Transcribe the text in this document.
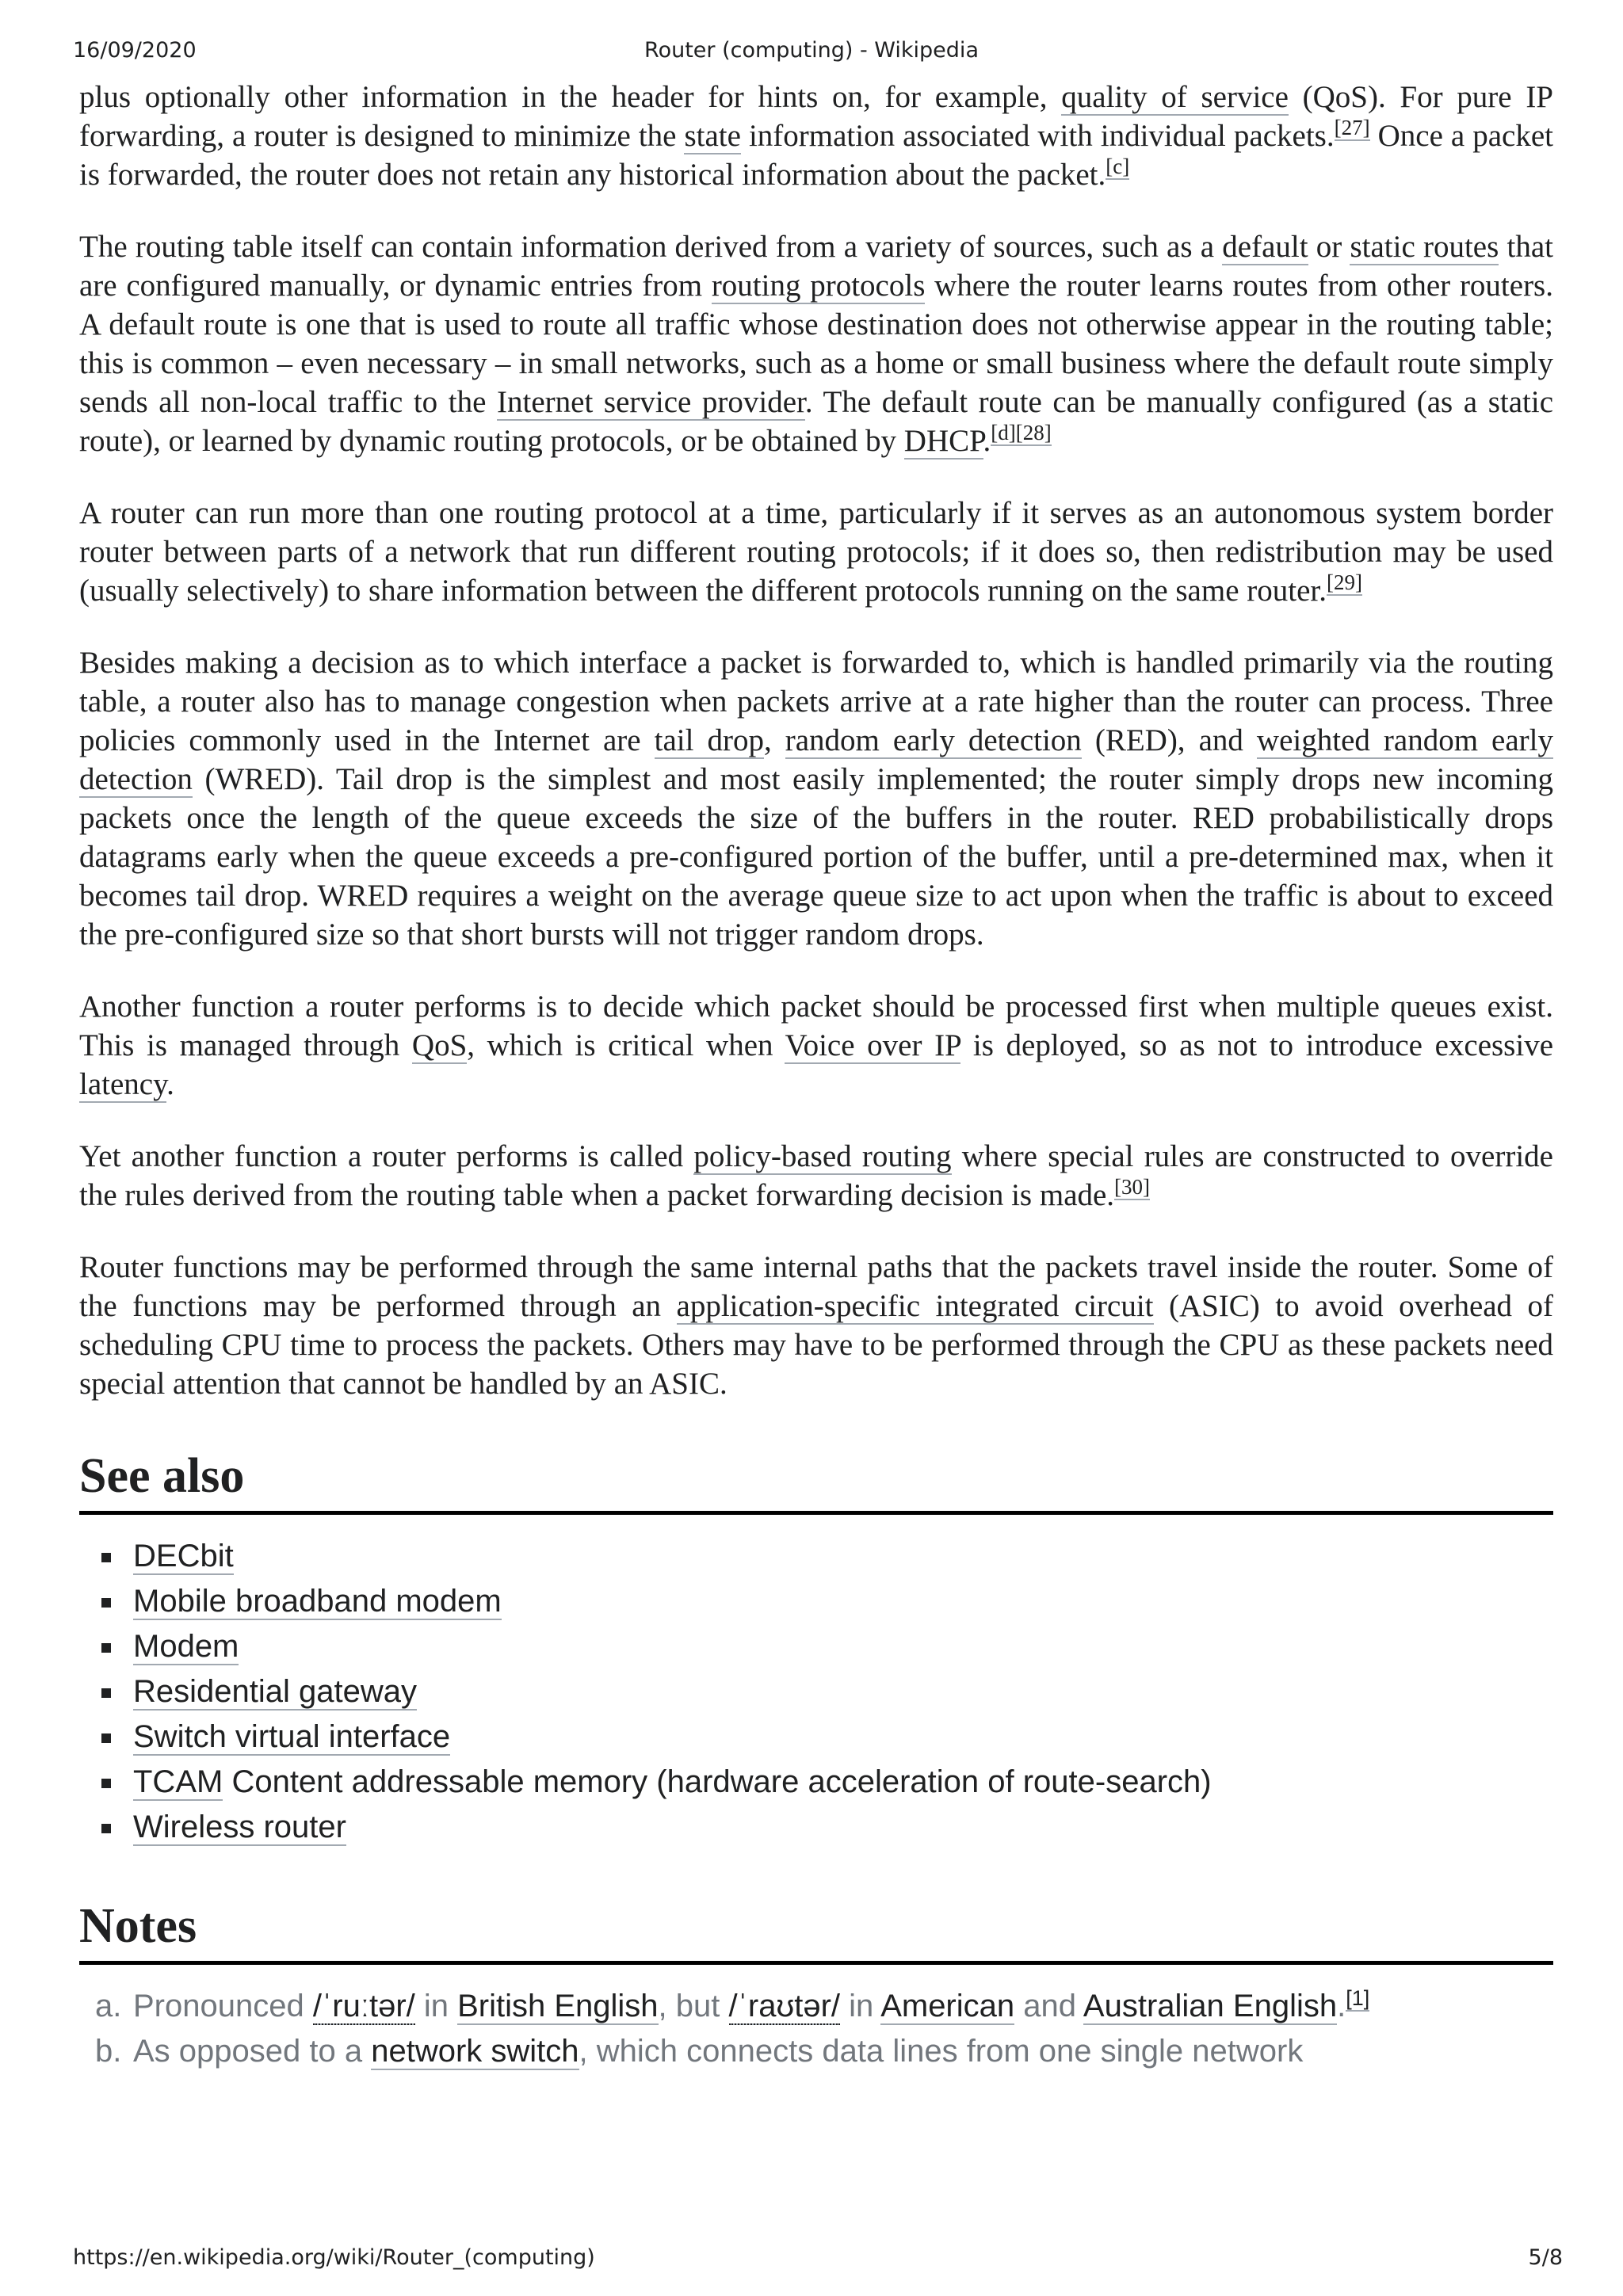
16/09/2020	Router (computing) - Wikipedia

plus optionally other information in the header for hints on, for example, quality of service (QoS). For pure IP forwarding, a router is designed to minimize the state information associated with individual packets.[27] Once a packet is forwarded, the router does not retain any historical information about the packet.[c]

The routing table itself can contain information derived from a variety of sources, such as a default or static routes that are configured manually, or dynamic entries from routing protocols where the router learns routes from other routers. A default route is one that is used to route all traffic whose destination does not otherwise appear in the routing table; this is common – even necessary – in small networks, such as a home or small business where the default route simply sends all non-local traffic to the Internet service provider. The default route can be manually configured (as a static route), or learned by dynamic routing protocols, or be obtained by DHCP.[d][28]

A router can run more than one routing protocol at a time, particularly if it serves as an autonomous system border router between parts of a network that run different routing protocols; if it does so, then redistribution may be used (usually selectively) to share information between the different protocols running on the same router.[29]

Besides making a decision as to which interface a packet is forwarded to, which is handled primarily via the routing table, a router also has to manage congestion when packets arrive at a rate higher than the router can process. Three policies commonly used in the Internet are tail drop, random early detection (RED), and weighted random early detection (WRED). Tail drop is the simplest and most easily implemented; the router simply drops new incoming packets once the length of the queue exceeds the size of the buffers in the router. RED probabilistically drops datagrams early when the queue exceeds a pre-configured portion of the buffer, until a pre-determined max, when it becomes tail drop. WRED requires a weight on the average queue size to act upon when the traffic is about to exceed the pre-configured size so that short bursts will not trigger random drops.

Another function a router performs is to decide which packet should be processed first when multiple queues exist. This is managed through QoS, which is critical when Voice over IP is deployed, so as not to introduce excessive latency.

Yet another function a router performs is called policy-based routing where special rules are constructed to override the rules derived from the routing table when a packet forwarding decision is made.[30]

Router functions may be performed through the same internal paths that the packets travel inside the router. Some of the functions may be performed through an application-specific integrated circuit (ASIC) to avoid overhead of scheduling CPU time to process the packets. Others may have to be performed through the CPU as these packets need special attention that cannot be handled by an ASIC.

See also
DECbit
Mobile broadband modem
Modem
Residential gateway
Switch virtual interface
TCAM Content addressable memory (hardware acceleration of route-search)
Wireless router
Notes
a. Pronounced /ˈruːtər/ in British English, but /ˈraʊtər/ in American and Australian English.[1]
b. As opposed to a network switch, which connects data lines from one single network
https://en.wikipedia.org/wiki/Router_(computing)	5/8
